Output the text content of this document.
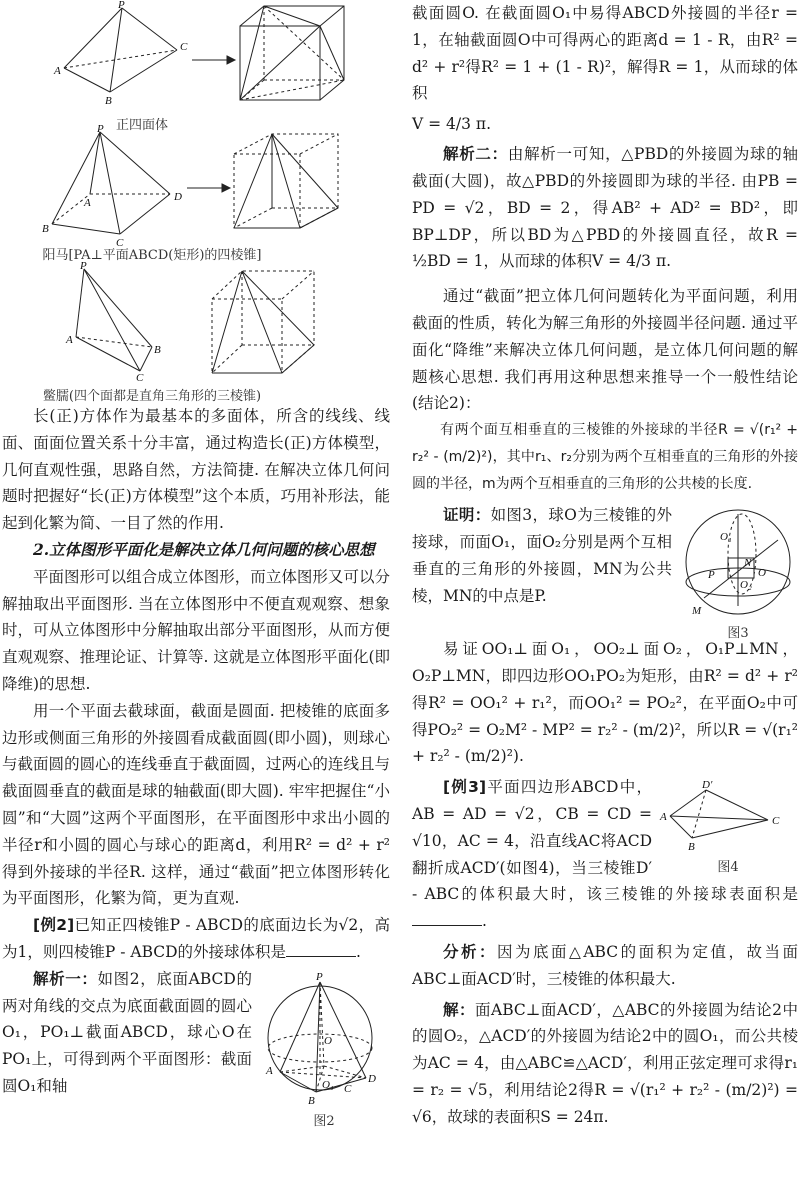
P
A
B
C
正四面体
P
B
A
C
D
阳马[PA⊥平面ABCD(矩形)的四棱锥]
P
A
B
C
鳖臑(四个面都是直角三角形的三棱锥)

长(正)方体作为最基本的多面体，所含的线线、线面、面面位置关系十分丰富，通过构造长(正)方体模型，几何直观性强，思路自然，方法简捷. 在解决立体几何问题时把握好“长(正)方体模型”这个本质，巧用补形法，能起到化繁为简、一目了然的作用.

2.立体图形平面化是解决立体几何问题的核心思想

平面图形可以组合成立体图形，而立体图形又可以分解抽取出平面图形. 当在立体图形中不便直观观察、想象时，可从立体图形中分解抽取出部分平面图形，从而方便直观观察、推理论证、计算等. 这就是立体图形平面化(即降维)的思想.

用一个平面去截球面，截面是圆面. 把棱锥的底面多边形或侧面三角形的外接圆看成截面圆(即小圆)，则球心与截面圆的圆心的连线垂直于截面圆，过两心的连线且与截面圆垂直的截面是球的轴截面(即大圆). 牢牢把握住“小圆”和“大圆”这两个平面图形，在平面图形中求出小圆的半径r和小圆的圆心与球心的距离d，利用R² = d² + r²得到外接球的半径R. 这样，通过“截面”把立体图形转化为平面图形，化繁为简，更为直观.

[例2]已知正四棱锥P - ABCD的底面边长为√2，高为1，则四棱锥P - ABCD的外接球体积是	.

P
A
O
O₁	D
B
C
图2

解析一：如图2，底面ABCD的两对角线的交点为底面截面圆的圆心O₁，PO₁⊥截面ABCD，球心O在PO₁上，可得到两个平面图形：截面圆O₁和轴

截面圆O. 在截面圆O₁中易得ABCD外接圆的半径r = 1，在轴截面圆O中可得两心的距离d = 1 - R，由R² = d² + r²得R² = 1 + (1 - R)²，解得R = 1，从而球的体积

V = 4/3 π.

解析二：由解析一可知，△PBD的外接圆为球的轴截面(大圆)，故△PBD的外接圆即为球的半径. 由PB = PD = √2，BD = 2，得AB² + AD² = BD²，即BP⊥DP，所以BD为△PBD的外接圆直径，故R = ½BD = 1，从而球的体积V = 4/3 π.

通过“截面”把立体几何问题转化为平面问题，利用截面的性质，转化为解三角形的外接圆半径问题. 通过平面化“降维”来解决立体几何问题，是立体几何问题的解题核心思想. 我们再用这种思想来推导一个一般性结论(结论2)：

有两个面互相垂直的三棱锥的外接球的半径R = √(r₁² + r₂² - (m/2)²)，其中r₁、r₂分别为两个互相垂直的三角形的外接圆的半径，m为两个互相垂直的三角形的公共棱的长度.

O₁
N
P
O₂
O
M
图3

证明：如图3，球O为三棱锥的外接球，而面O₁，面O₂分别是两个互相垂直的三角形的外接圆，MN为公共棱，MN的中点是P.

易证OO₁⊥面O₁，OO₂⊥面O₂，O₁P⊥MN，O₂P⊥MN，即四边形OO₁PO₂为矩形，由R² = d² + r²得R² = OO₁² + r₁²，而OO₁² = PO₂²，在平面O₂中可得PO₂² = O₂M² - MP² = r₂² - (m/2)²，所以R = √(r₁² + r₂² - (m/2)²).

D′
A	C
B
图4

[例3]平面四边形ABCD中，AB = AD = √2，CB = CD = √10，AC = 4，沿直线AC将ACD翻折成ACD′(如图4)，当三棱锥D′ - ABC的体积最大时，该三棱锥的外接球表面积是.

分析：因为底面△ABC的面积为定值，故当面ABC⊥面ACD′时，三棱锥的体积最大.

解：面ABC⊥面ACD′，△ABC的外接圆为结论2中的圆O₂，△ACD′的外接圆为结论2中的圆O₁，而公共棱为AC = 4，由△ABC≌△ACD′，利用正弦定理可求得r₁ = r₂ = √5，利用结论2得R = √(r₁² + r₂² - (m/2)²) = √6，故球的表面积S = 24π.
